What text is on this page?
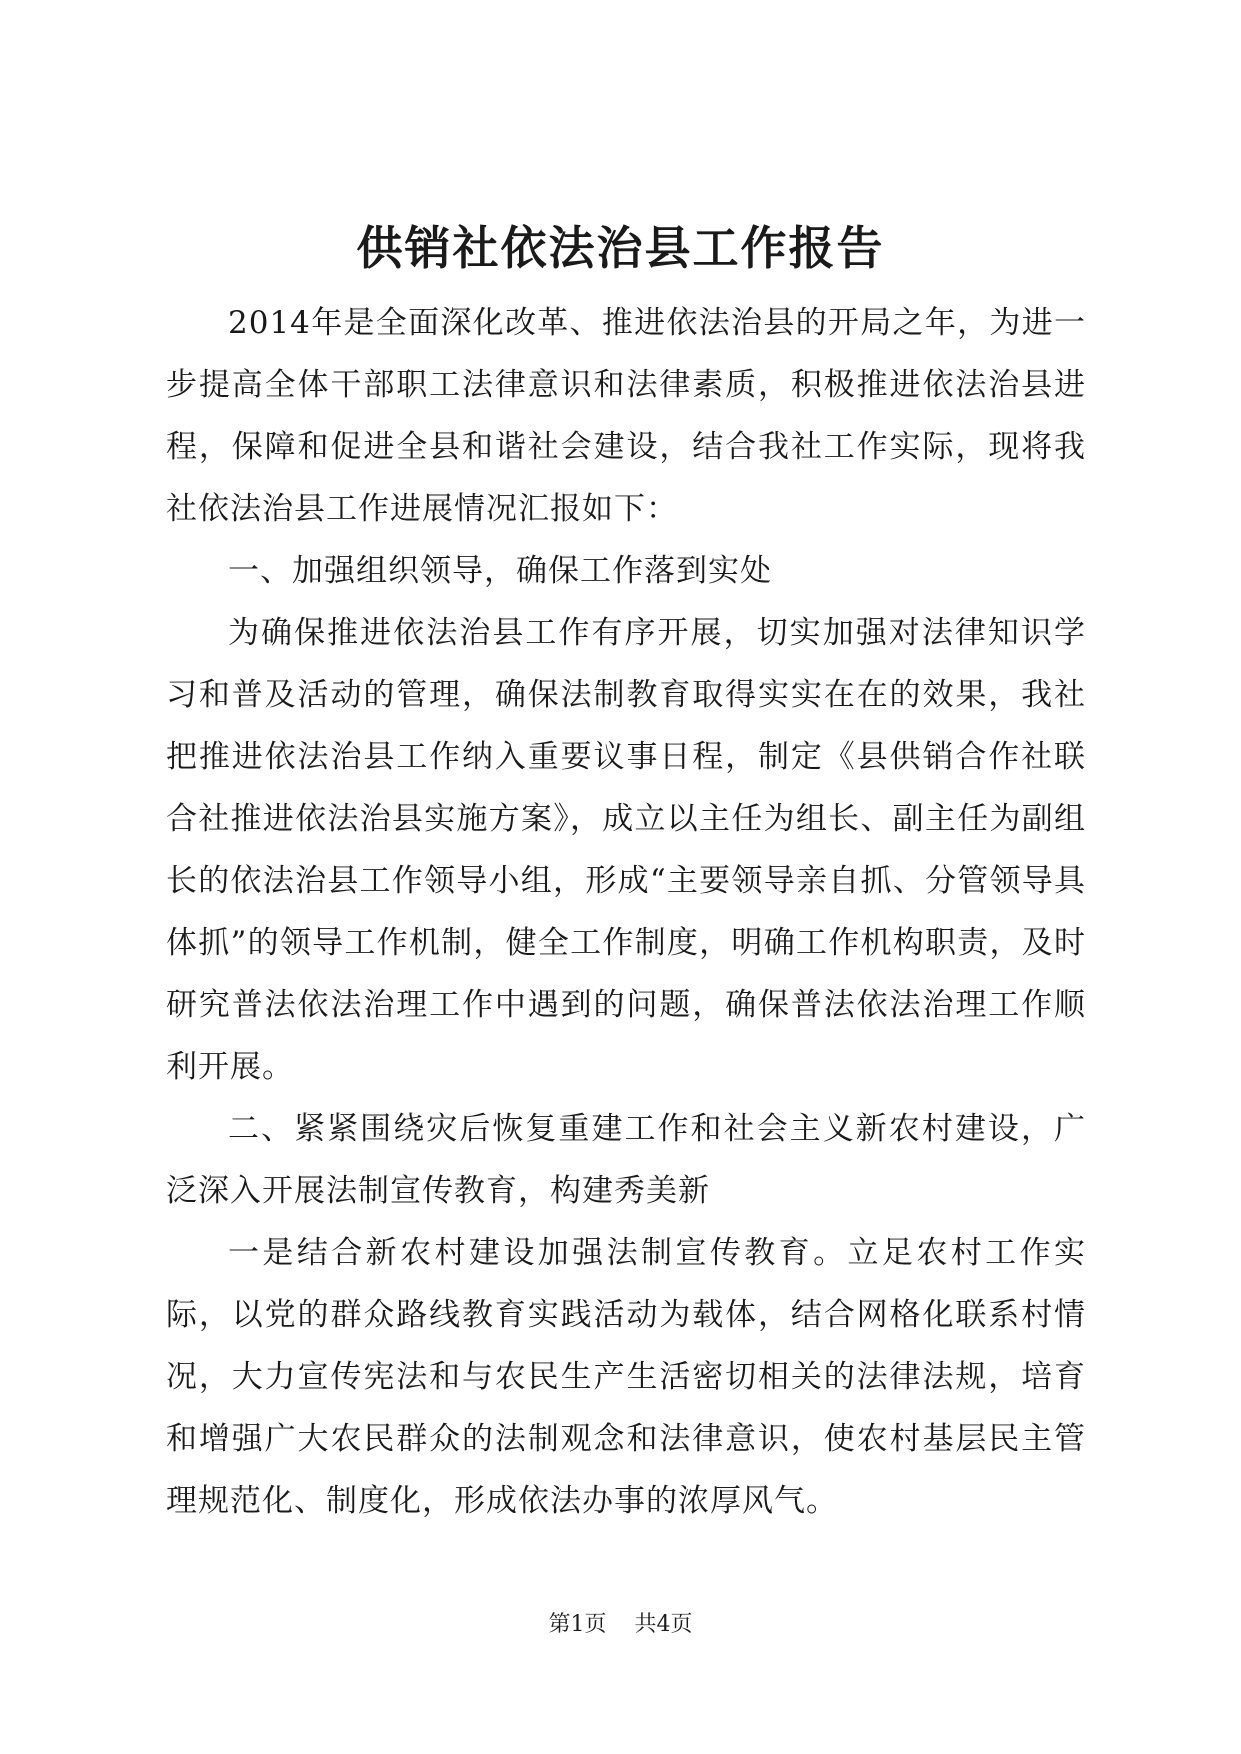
供销社依法治县工作报告

2014年是全面深化改革、推进依法治县的开局之年，为进一步提高全体干部职工法律意识和法律素质，积极推进依法治县进程，保障和促进全县和谐社会建设，结合我社工作实际，现将我社依法治县工作进展情况汇报如下：

一、加强组织领导，确保工作落到实处

为确保推进依法治县工作有序开展，切实加强对法律知识学习和普及活动的管理，确保法制教育取得实实在在的效果，我社把推进依法治县工作纳入重要议事日程，制定《县供销合作社联合社推进依法治县实施方案》，成立以主任为组长、副主任为副组长的依法治县工作领导小组，形成“主要领导亲自抓、分管领导具体抓”的领导工作机制，健全工作制度，明确工作机构职责，及时研究普法依法治理工作中遇到的问题，确保普法依法治理工作顺利开展。

二、紧紧围绕灾后恢复重建工作和社会主义新农村建设，广泛深入开展法制宣传教育，构建秀美新

一是结合新农村建设加强法制宣传教育。立足农村工作实际，以党的群众路线教育实践活动为载体，结合网格化联系村情况，大力宣传宪法和与农民生产生活密切相关的法律法规，培育和增强广大农民群众的法制观念和法律意识，使农村基层民主管理规范化、制度化，形成依法办事的浓厚风气。

第1页 共4页
